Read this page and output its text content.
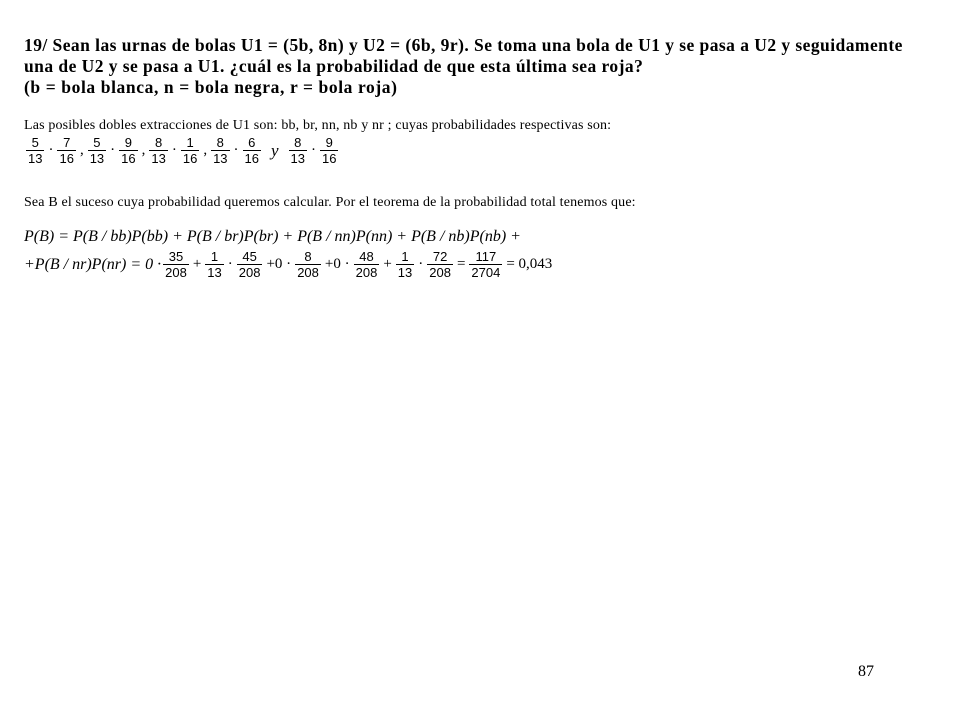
19/ Sean las urnas de bolas U1 = (5b, 8n) y U2 = (6b, 9r). Se toma una bola de U1 y se pasa a U2 y seguidamente
una de U2 y se pasa a U1. ¿cuál es la probabilidad de que esta última sea roja?
(b = bola blanca, n = bola negra, r = bola roja)
Las posibles dobles extracciones de U1 son: bb, br, nn, nb y nr ; cuyas probabilidades respectivas son:
$\frac{5}{13} \cdot \frac{7}{16}$ , $\frac{5}{13} \cdot \frac{9}{16}$ , $\frac{8}{13} \cdot \frac{1}{16}$ , $\frac{8}{13} \cdot \frac{6}{16}$ y $\frac{8}{13} \cdot \frac{9}{16}$
Sea B el suceso cuya probabilidad queremos calcular. Por el teorema de la probabilidad total tenemos que:
P(B) = P(B / bb)P(bb) + P(B / br)P(br) + P(B / nn)P(nn) + P(B / nb)P(nb) +
$+P(B / nr)P(nr) = 0 \cdot \frac{35}{208} + \frac{1}{13} \cdot \frac{45}{208} +0 \cdot \frac{8}{208} +0 \cdot \frac{48}{208} + \frac{1}{13} \cdot \frac{72}{208} = \frac{117}{2704} = 0,043$
87
